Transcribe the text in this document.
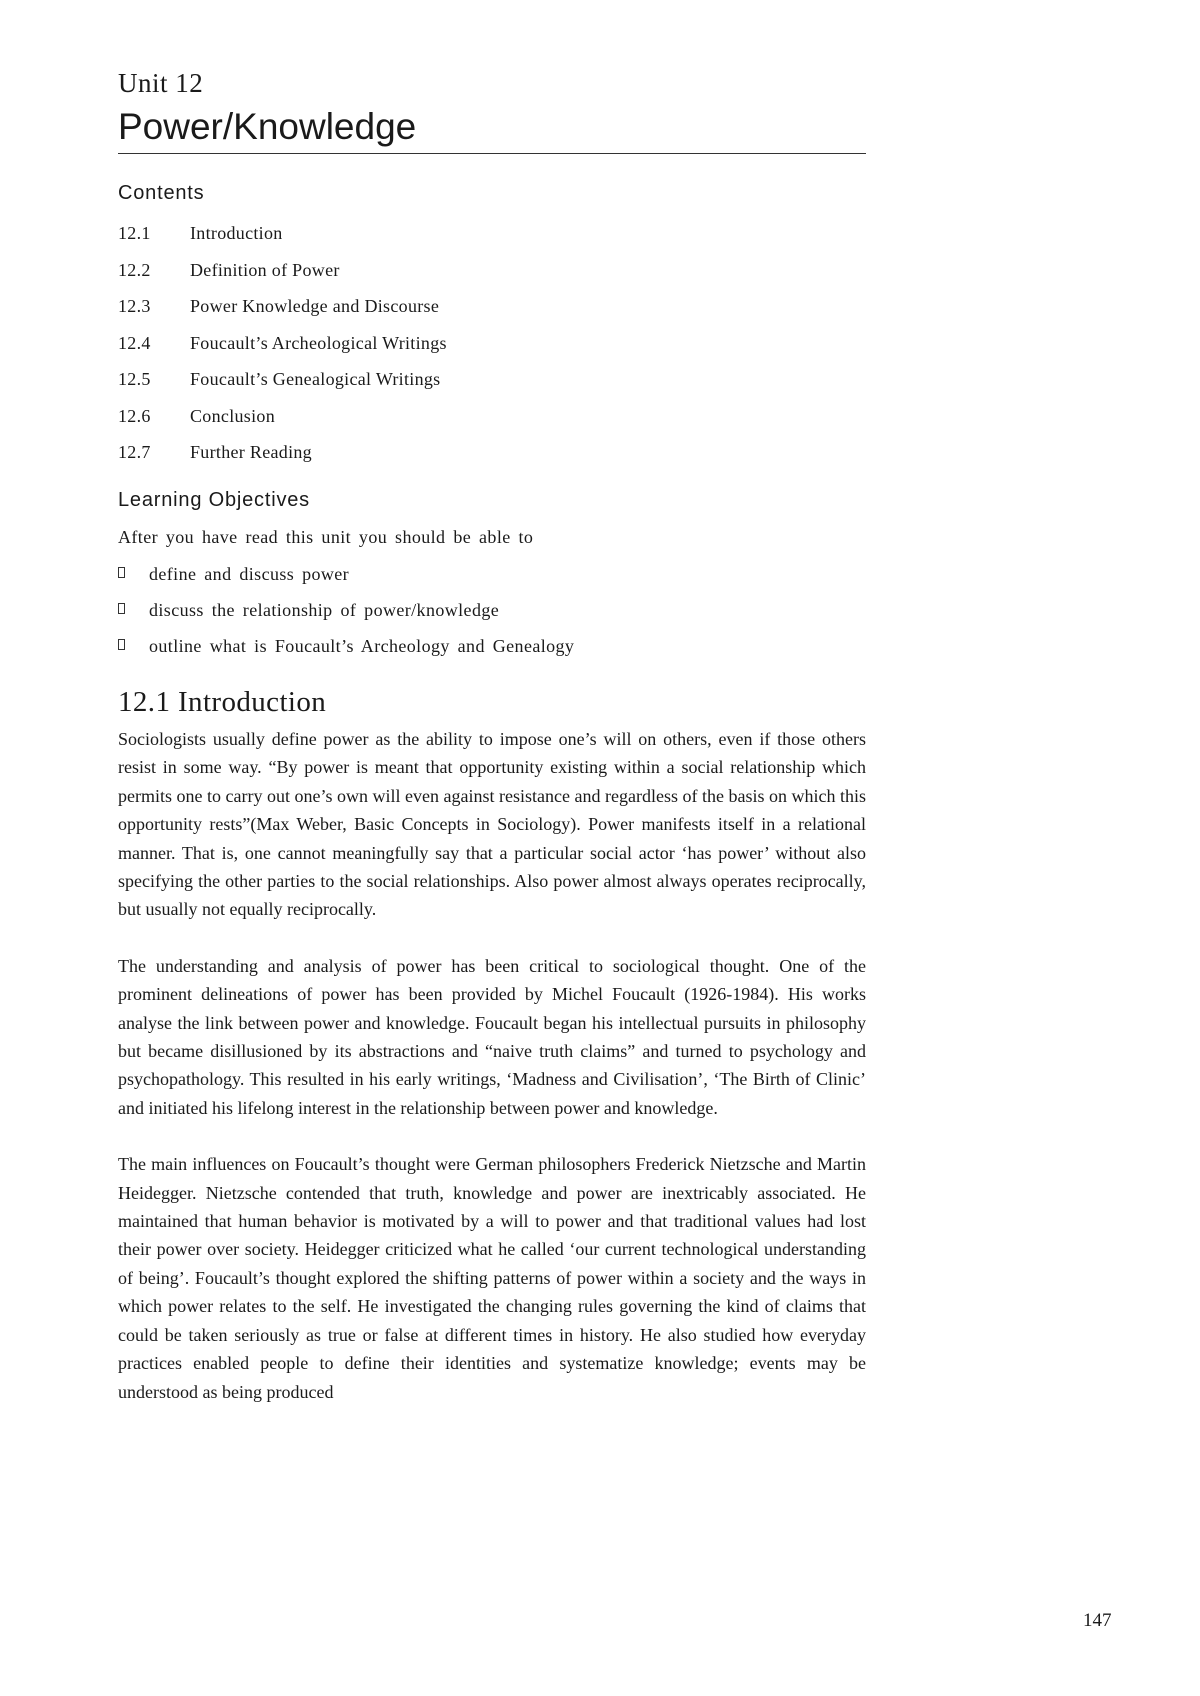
Unit 12

Power/Knowledge
Contents
12.1	Introduction
12.2	Definition of Power
12.3	Power Knowledge and Discourse
12.4	Foucault’s Archeological Writings
12.5	Foucault’s Genealogical Writings
12.6	Conclusion
12.7	Further Reading
Learning Objectives

After you have read this unit you should be able to

define and discuss power
discuss the relationship of power/knowledge
outline what is Foucault’s Archeology and Genealogy
12.1 Introduction

Sociologists usually define power as the ability to impose one’s will on others, even if those others resist in some way. “By power is meant that opportunity existing within a social relationship which permits one to carry out one’s own will even against resistance and regardless of the basis on which this opportunity rests”(Max Weber, Basic Concepts in Sociology). Power manifests itself in a relational manner. That is, one cannot meaningfully say that a particular social actor ‘has power’ without also specifying the other parties to the social relationships. Also power almost always operates reciprocally, but usually not equally reciprocally.

The understanding and analysis of power has been critical to sociological thought. One of the prominent delineations of power has been provided by Michel Foucault (1926-1984). His works analyse the link between power and knowledge. Foucault began his intellectual pursuits in philosophy but became disillusioned by its abstractions and “naive truth claims” and turned to psychology and psychopathology. This resulted in his early writings, ‘Madness and Civilisation’, ‘The Birth of Clinic’ and initiated his lifelong interest in the relationship between power and knowledge.

The main influences on Foucault’s thought were German philosophers Frederick Nietzsche and Martin Heidegger. Nietzsche contended that truth, knowledge and power are inextricably associated. He maintained that human behavior is motivated by a will to power and that traditional values had lost their power over society. Heidegger criticized what he called ‘our current technological understanding of being’. Foucault’s thought explored the shifting patterns of power within a society and the ways in which power relates to the self. He investigated the changing rules governing the kind of claims that could be taken seriously as true or false at different times in history. He also studied how everyday practices enabled people to define their identities and systematize knowledge; events may be understood as being produced

147
